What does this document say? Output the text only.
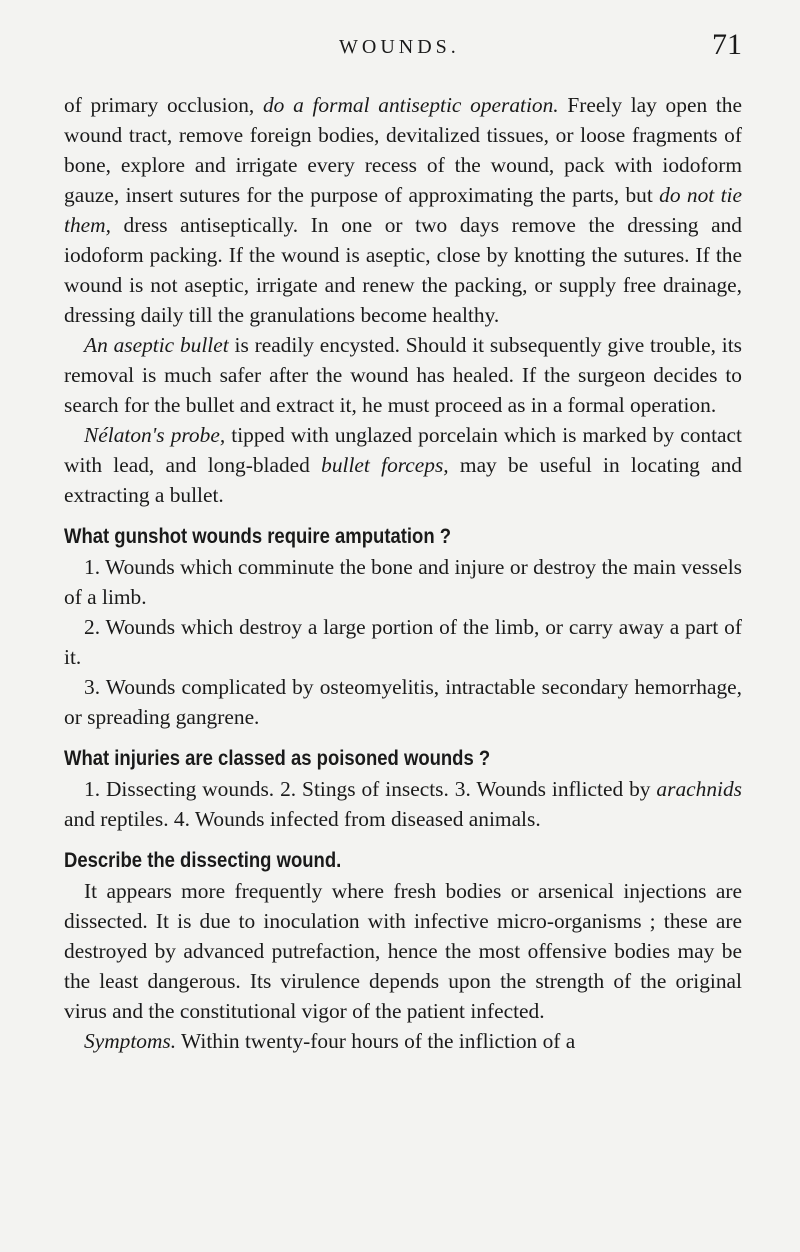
WOUNDS.	71

of primary occlusion, do a formal antiseptic operation. Freely lay open the wound tract, remove foreign bodies, devitalized tissues, or loose fragments of bone, explore and irrigate every recess of the wound, pack with iodoform gauze, insert sutures for the purpose of approximating the parts, but do not tie them, dress antiseptically. In one or two days remove the dressing and iodoform packing. If the wound is aseptic, close by knotting the sutures. If the wound is not aseptic, irrigate and renew the packing, or supply free drainage, dressing daily till the granulations become healthy.

An aseptic bullet is readily encysted. Should it subsequently give trouble, its removal is much safer after the wound has healed. If the surgeon decides to search for the bullet and extract it, he must proceed as in a formal operation.

Nélaton's probe, tipped with unglazed porcelain which is marked by contact with lead, and long-bladed bullet forceps, may be useful in locating and extracting a bullet.

What gunshot wounds require amputation ?

1. Wounds which comminute the bone and injure or destroy the main vessels of a limb.

2. Wounds which destroy a large portion of the limb, or carry away a part of it.

3. Wounds complicated by osteomyelitis, intractable secondary hemorrhage, or spreading gangrene.

What injuries are classed as poisoned wounds ?

1. Dissecting wounds. 2. Stings of insects. 3. Wounds inflicted by arachnids and reptiles. 4. Wounds infected from diseased animals.

Describe the dissecting wound.

It appears more frequently where fresh bodies or arsenical injections are dissected. It is due to inoculation with infective micro-organisms ; these are destroyed by advanced putrefaction, hence the most offensive bodies may be the least dangerous. Its virulence depends upon the strength of the original virus and the constitutional vigor of the patient infected.

Symptoms. Within twenty-four hours of the infliction of a
